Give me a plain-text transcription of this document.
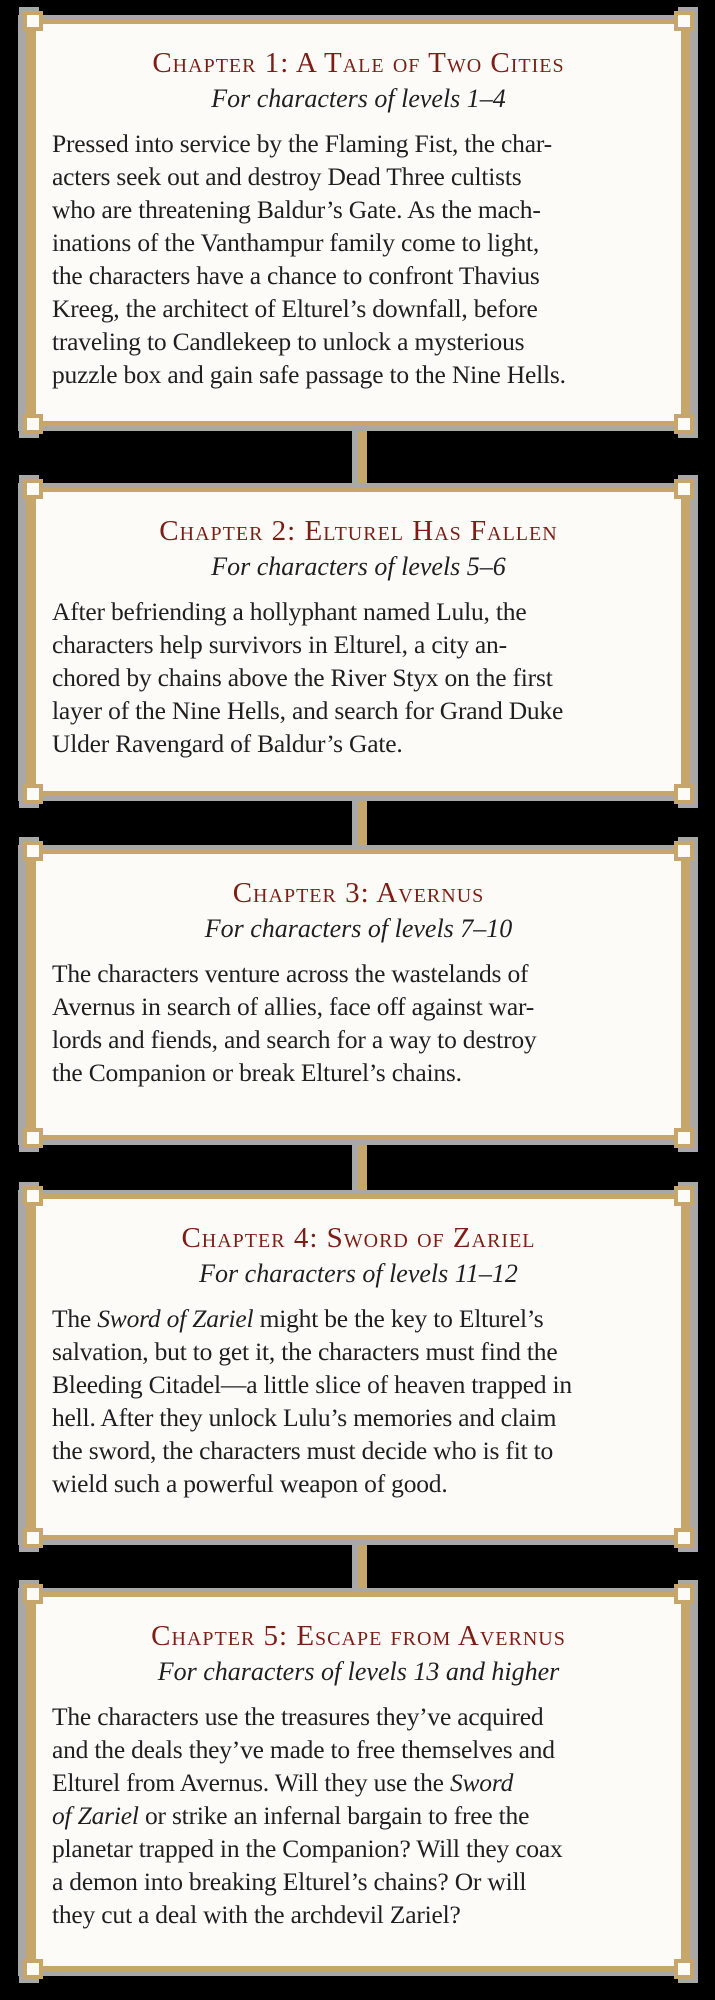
Chapter 1: A Tale of Two Cities

For characters of levels 1–4

Pressed into service by the Flaming Fist, the char-
acters seek out and destroy Dead Three cultists
who are threatening Baldur’s Gate. As the mach-
inations of the Vanthampur family come to light,
the characters have a chance to confront Thavius
Kreeg, the architect of Elturel’s downfall, before
traveling to Candlekeep to unlock a mysterious
puzzle box and gain safe passage to the Nine Hells.
Chapter 2: Elturel Has Fallen

For characters of levels 5–6

After befriending a hollyphant named Lulu, the
characters help survivors in Elturel, a city an-
chored by chains above the River Styx on the first
layer of the Nine Hells, and search for Grand Duke
Ulder Ravengard of Baldur’s Gate.
Chapter 3: Avernus

For characters of levels 7–10

The characters venture across the wastelands of
Avernus in search of allies, face off against war-
lords and fiends, and search for a way to destroy
the Companion or break Elturel’s chains.
Chapter 4: Sword of Zariel

For characters of levels 11–12

The Sword of Zariel might be the key to Elturel’s
salvation, but to get it, the characters must find the
Bleeding Citadel—a little slice of heaven trapped in
hell. After they unlock Lulu’s memories and claim
the sword, the characters must decide who is fit to
wield such a powerful weapon of good.
Chapter 5: Escape from Avernus

For characters of levels 13 and higher

The characters use the treasures they’ve acquired
and the deals they’ve made to free themselves and
Elturel from Avernus. Will they use the Sword
of Zariel or strike an infernal bargain to free the
planetar trapped in the Companion? Will they coax
a demon into breaking Elturel’s chains? Or will
they cut a deal with the archdevil Zariel?
